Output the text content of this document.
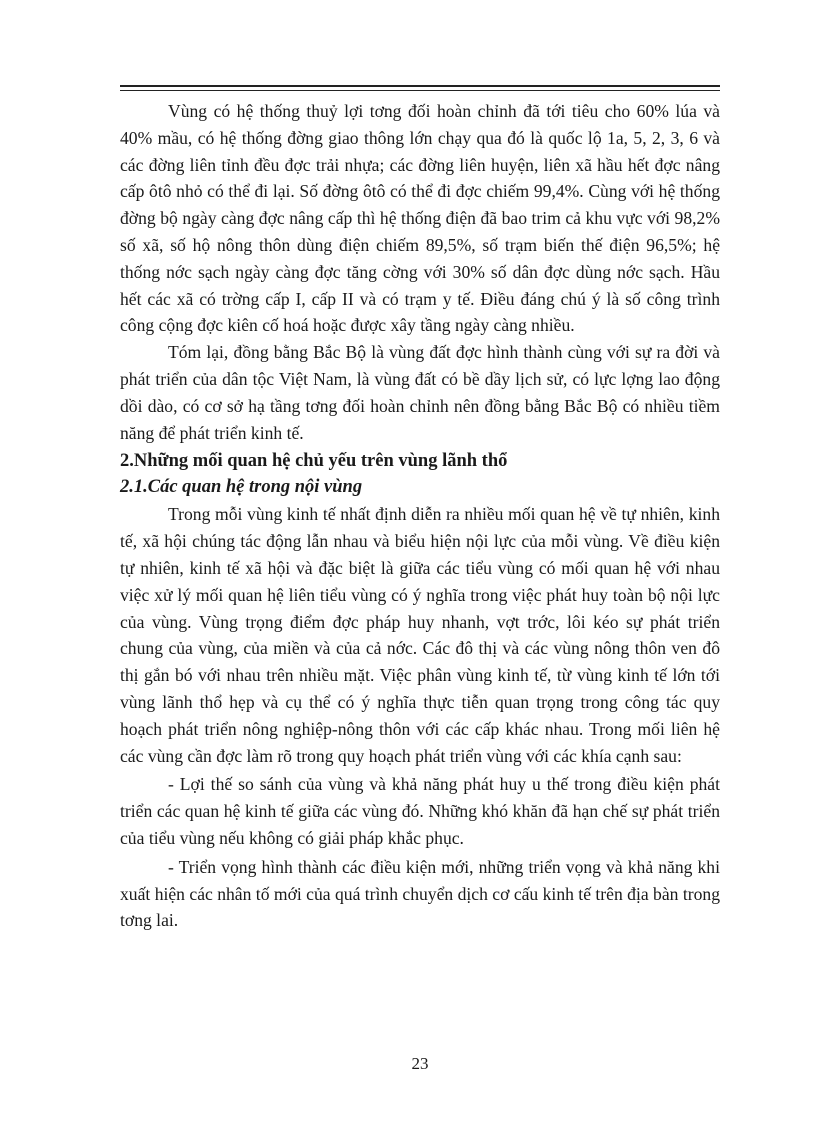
Vùng có hệ thống thuỷ lợi tơng đối hoàn chỉnh đã tới tiêu cho 60% lúa và 40% mầu, có hệ thống đờng giao thông lớn chạy qua đó là quốc lộ 1a, 5, 2, 3, 6 và các đờng liên tỉnh đều đợc trải nhựa; các đờng liên huyện, liên xã hầu hết đợc nâng cấp ôtô nhỏ có thể đi lại. Số đờng ôtô có thể đi đợc chiếm 99,4%. Cùng với hệ thống đờng bộ ngày càng đợc nâng cấp thì hệ thống điện đã bao trim cả khu vực với 98,2% số xã, số hộ nông thôn dùng điện chiếm 89,5%, số trạm biến thế điện 96,5%; hệ thống nớc sạch ngày càng đợc tăng cờng với 30% số dân đợc dùng nớc sạch. Hầu hết các xã có trờng cấp I, cấp II và có trạm y tế. Điều đáng chú ý là số công trình công cộng đợc kiên cố hoá hoặc được xây tầng ngày càng nhiều.

Tóm lại, đồng bằng Bắc Bộ là vùng đất đợc hình thành cùng với sự ra đời và phát triển của dân tộc Việt Nam, là vùng đất có bề dầy lịch sử, có lực lợng lao động dồi dào, có cơ sở hạ tầng tơng đối hoàn chỉnh nên đồng bằng Bắc Bộ có nhiều tiềm năng để phát triển kinh tế.

2.Những mối quan hệ chủ yếu trên vùng lãnh thổ
2.1.Các quan hệ trong nội vùng

Trong mỗi vùng kinh tế nhất định diễn ra nhiều mối quan hệ về tự nhiên, kinh tế, xã hội chúng tác động lẫn nhau và biểu hiện nội lực của mỗi vùng. Về điều kiện tự nhiên, kinh tế xã hội và đặc biệt là giữa các tiểu vùng có mối quan hệ với nhau việc xử lý mối quan hệ liên tiểu vùng có ý nghĩa trong việc phát huy toàn bộ nội lực của vùng. Vùng trọng điểm đợc pháp huy nhanh, vợt trớc, lôi kéo sự phát triển chung của vùng, của miền và của cả nớc. Các đô thị và các vùng nông thôn ven đô thị gắn bó với nhau trên nhiều mặt. Việc phân vùng kinh tế, từ vùng kinh tế lớn tới vùng lãnh thổ hẹp và cụ thể có ý nghĩa thực tiễn quan trọng trong công tác quy hoạch phát triển nông nghiệp-nông thôn với các cấp khác nhau. Trong mối liên hệ các vùng cần đợc làm rõ trong quy hoạch phát triển vùng với các khía cạnh sau:

- Lợi thế so sánh của vùng và khả năng phát huy u thế trong điều kiện phát triển các quan hệ kinh tế giữa các vùng đó. Những khó khăn đã hạn chế sự phát triển của tiểu vùng nếu không có giải pháp khắc phục.

- Triển vọng hình thành các điều kiện mới, những triển vọng và khả năng khi xuất hiện các nhân tố mới của quá trình chuyển dịch cơ cấu kinh tế trên địa bàn trong tơng lai.

23
